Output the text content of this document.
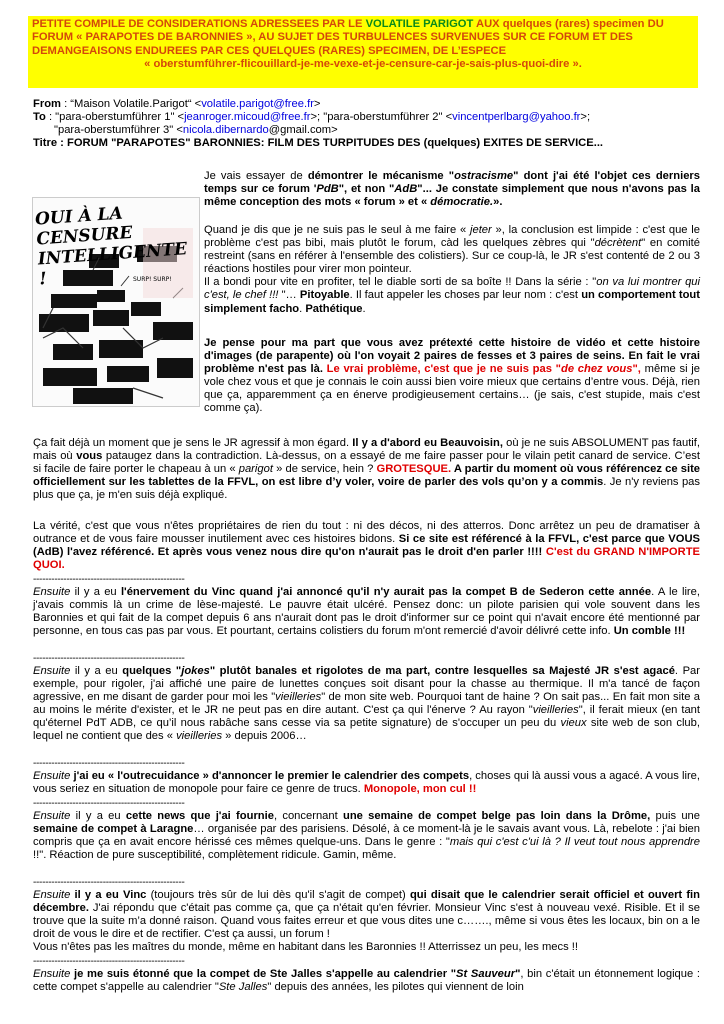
PETITE COMPILE DE CONSIDERATIONS ADRESSEES PAR LE VOLATILE PARIGOT AUX quelques (rares) specimen DU FORUM « PARAPOTES DE BARONNIES », AU SUJET DES TURBULENCES SURVENUES SUR CE FORUM ET DES DEMANGEAISONS ENDUREES PAR CES QUELQUES (RARES) SPECIMEN, DE L’ESPECE
« oberstumführer-flicouillard-je-me-vexe-et-je-censure-car-je-sais-plus-quoi-dire ».
From : “Maison Volatile.Parigot“ <volatile.parigot@free.fr>
To : "para-oberstumführer 1" <jeanroger.micoud@free.fr>; "para-oberstumführer 2" <vincentperlbarg@yahoo.fr>;
"para-oberstumführer 3" <nicola.dibernardo@gmail.com>
Titre : FORUM "PARAPOTES" BARONNIES: FILM DES TURPITUDES DES (quelques) EXITES DE SERVICE...
OUI À LA CENSURE INTELLIGENTE !	SURP! SURP!
Je vais essayer de démontrer le mécanisme "ostracisme" dont j'ai été l'objet ces derniers temps sur ce forum 'PdB", et non "AdB"... Je constate simplement que nous n'avons pas la même conception des mots « forum » et « démocratie.».
Quand je dis que je ne suis pas le seul à me faire « jeter », la conclusion est limpide : c'est que le problème c'est pas bibi, mais plutôt le forum, càd les quelques zèbres qui "décrètent" en comité restreint (sans en référer à l'ensemble des colistiers). Sur ce coup-là, le JR s'est contenté de 2 ou 3 réactions hostiles pour virer mon pointeur.
Il a bondi pour vite en profiter, tel le diable sorti de sa boîte !! Dans la série : "on va lui montrer qui c'est, le chef !!! "… Pitoyable. Il faut appeler les choses par leur nom : c'est un comportement tout simplement facho. Pathétique.
Je pense pour ma part que vous avez prétexté cette histoire de vidéo et cette histoire d'images (de parapente) où l'on voyait 2 paires de fesses et 3 paires de seins. En fait le vrai problème n'est pas là. Le vrai problème, c'est que je ne suis pas "de chez vous", même si je vole chez vous et que je connais le coin aussi bien voire mieux que certains d’entre vous. Déjà, rien que ça, apparemment ça en énerve prodigieusement certains… (je sais, c'est stupide, mais c'est comme ça).
Ça fait déjà un moment que je sens le JR agressif à mon égard. Il y a d'abord eu Beauvoisin, où je ne suis ABSOLUMENT pas fautif, mais où vous pataugez dans la contradiction. Là-dessus, on a essayé de me faire passer pour le vilain petit canard de service. C’est si facile de faire porter le chapeau à un « parigot » de service, hein ? GROTESQUE. A partir du moment où vous référencez ce site officiellement sur les tablettes de la FFVL, on est libre d’y voler, voire de parler des vols qu’on y a commis. Je n'y reviens pas plus que ça, je m'en suis déjà expliqué.
La vérité, c'est que vous n'êtes propriétaires de rien du tout : ni des décos, ni des atterros. Donc arrêtez un peu de dramatiser à outrance et de vous faire mousser inutilement avec ces histoires bidons. Si ce site est référencé à la FFVL, c'est parce que VOUS (AdB) l'avez référencé. Et après vous venez nous dire qu'on n'aurait pas le droit d'en parler !!!! C'est du GRAND N'IMPORTE QUOI.
--------------------------------------------------
Ensuite il y a eu l'énervement du Vinc quand j'ai annoncé qu'il n'y aurait pas la compet B de Sederon cette année. A le lire, j'avais commis là un crime de lèse-majesté. Le pauvre était ulcéré. Pensez donc: un pilote parisien qui vole souvent dans les Baronnies et qui fait de la compet depuis 6 ans n'aurait dont pas le droit d'informer sur ce point qui n'avait encore été mentionné par personne, en tous cas pas par vous. Et pourtant, certains colistiers du forum m'ont remercié d'avoir délivré cette info. Un comble !!!
--------------------------------------------------
Ensuite il y a eu quelques "jokes" plutôt banales et rigolotes de ma part, contre lesquelles sa Majesté JR s'est agacé. Par exemple, pour rigoler, j'ai affiché une paire de lunettes conçues soit disant pour la chasse au thermique. Il m'a tancé de façon agressive, en me disant de garder pour moi les "vieilleries" de mon site web. Pourquoi tant de haine ? On sait pas... En fait mon site a au moins le mérite d'exister, et le JR ne peut pas en dire autant. C'est ça qui l'énerve ? Au rayon "vieilleries", il ferait mieux (en tant qu'éternel PdT ADB, ce qu’il nous rabâche sans cesse via sa petite signature) de s'occuper un peu du vieux site web de son club, lequel ne contient que des « vieilleries » depuis 2006…
--------------------------------------------------
Ensuite j'ai eu « l'outrecuidance » d'annoncer le premier le calendrier des compets, choses qui là aussi vous a agacé. A vous lire, vous seriez en situation de monopole pour faire ce genre de trucs. Monopole, mon cul !!
--------------------------------------------------
Ensuite il y a eu cette news que j'ai fournie, concernant une semaine de compet belge pas loin dans la Drôme, puis une semaine de compet à Laragne… organisée par des parisiens. Désolé, à ce moment-là je le savais avant vous. Là, rebelote : j'ai bien compris que ça en avait encore hérissé ces mêmes quelque-uns. Dans le genre : "mais qui c'est c'ui là ? Il veut tout nous apprendre !!". Réaction de pure susceptibilité, complètement ridicule. Gamin, même.
--------------------------------------------------
Ensuite il y a eu Vinc (toujours très sûr de lui dès qu'il s'agit de compet) qui disait que le calendrier serait officiel et ouvert fin décembre. J'ai répondu que c'était pas comme ça, que ça n'était qu'en février. Monsieur Vinc s'est à nouveau vexé. Risible. Et il se trouve que la suite m’a donné raison. Quand vous faites erreur et que vous dites une c……., même si vous êtes les locaux, bin on a le droit de vous le dire et de rectifier. C'est ça aussi, un forum !
Vous n'êtes pas les maîtres du monde, même en habitant dans les Baronnies !! Atterrissez un peu, les mecs !!
--------------------------------------------------
Ensuite je me suis étonné que la compet de Ste Jalles s'appelle au calendrier "St Sauveur", bin c'était un étonnement logique : cette compet s'appelle au calendrier "Ste Jalles" depuis des années, les pilotes qui viennent de loin
